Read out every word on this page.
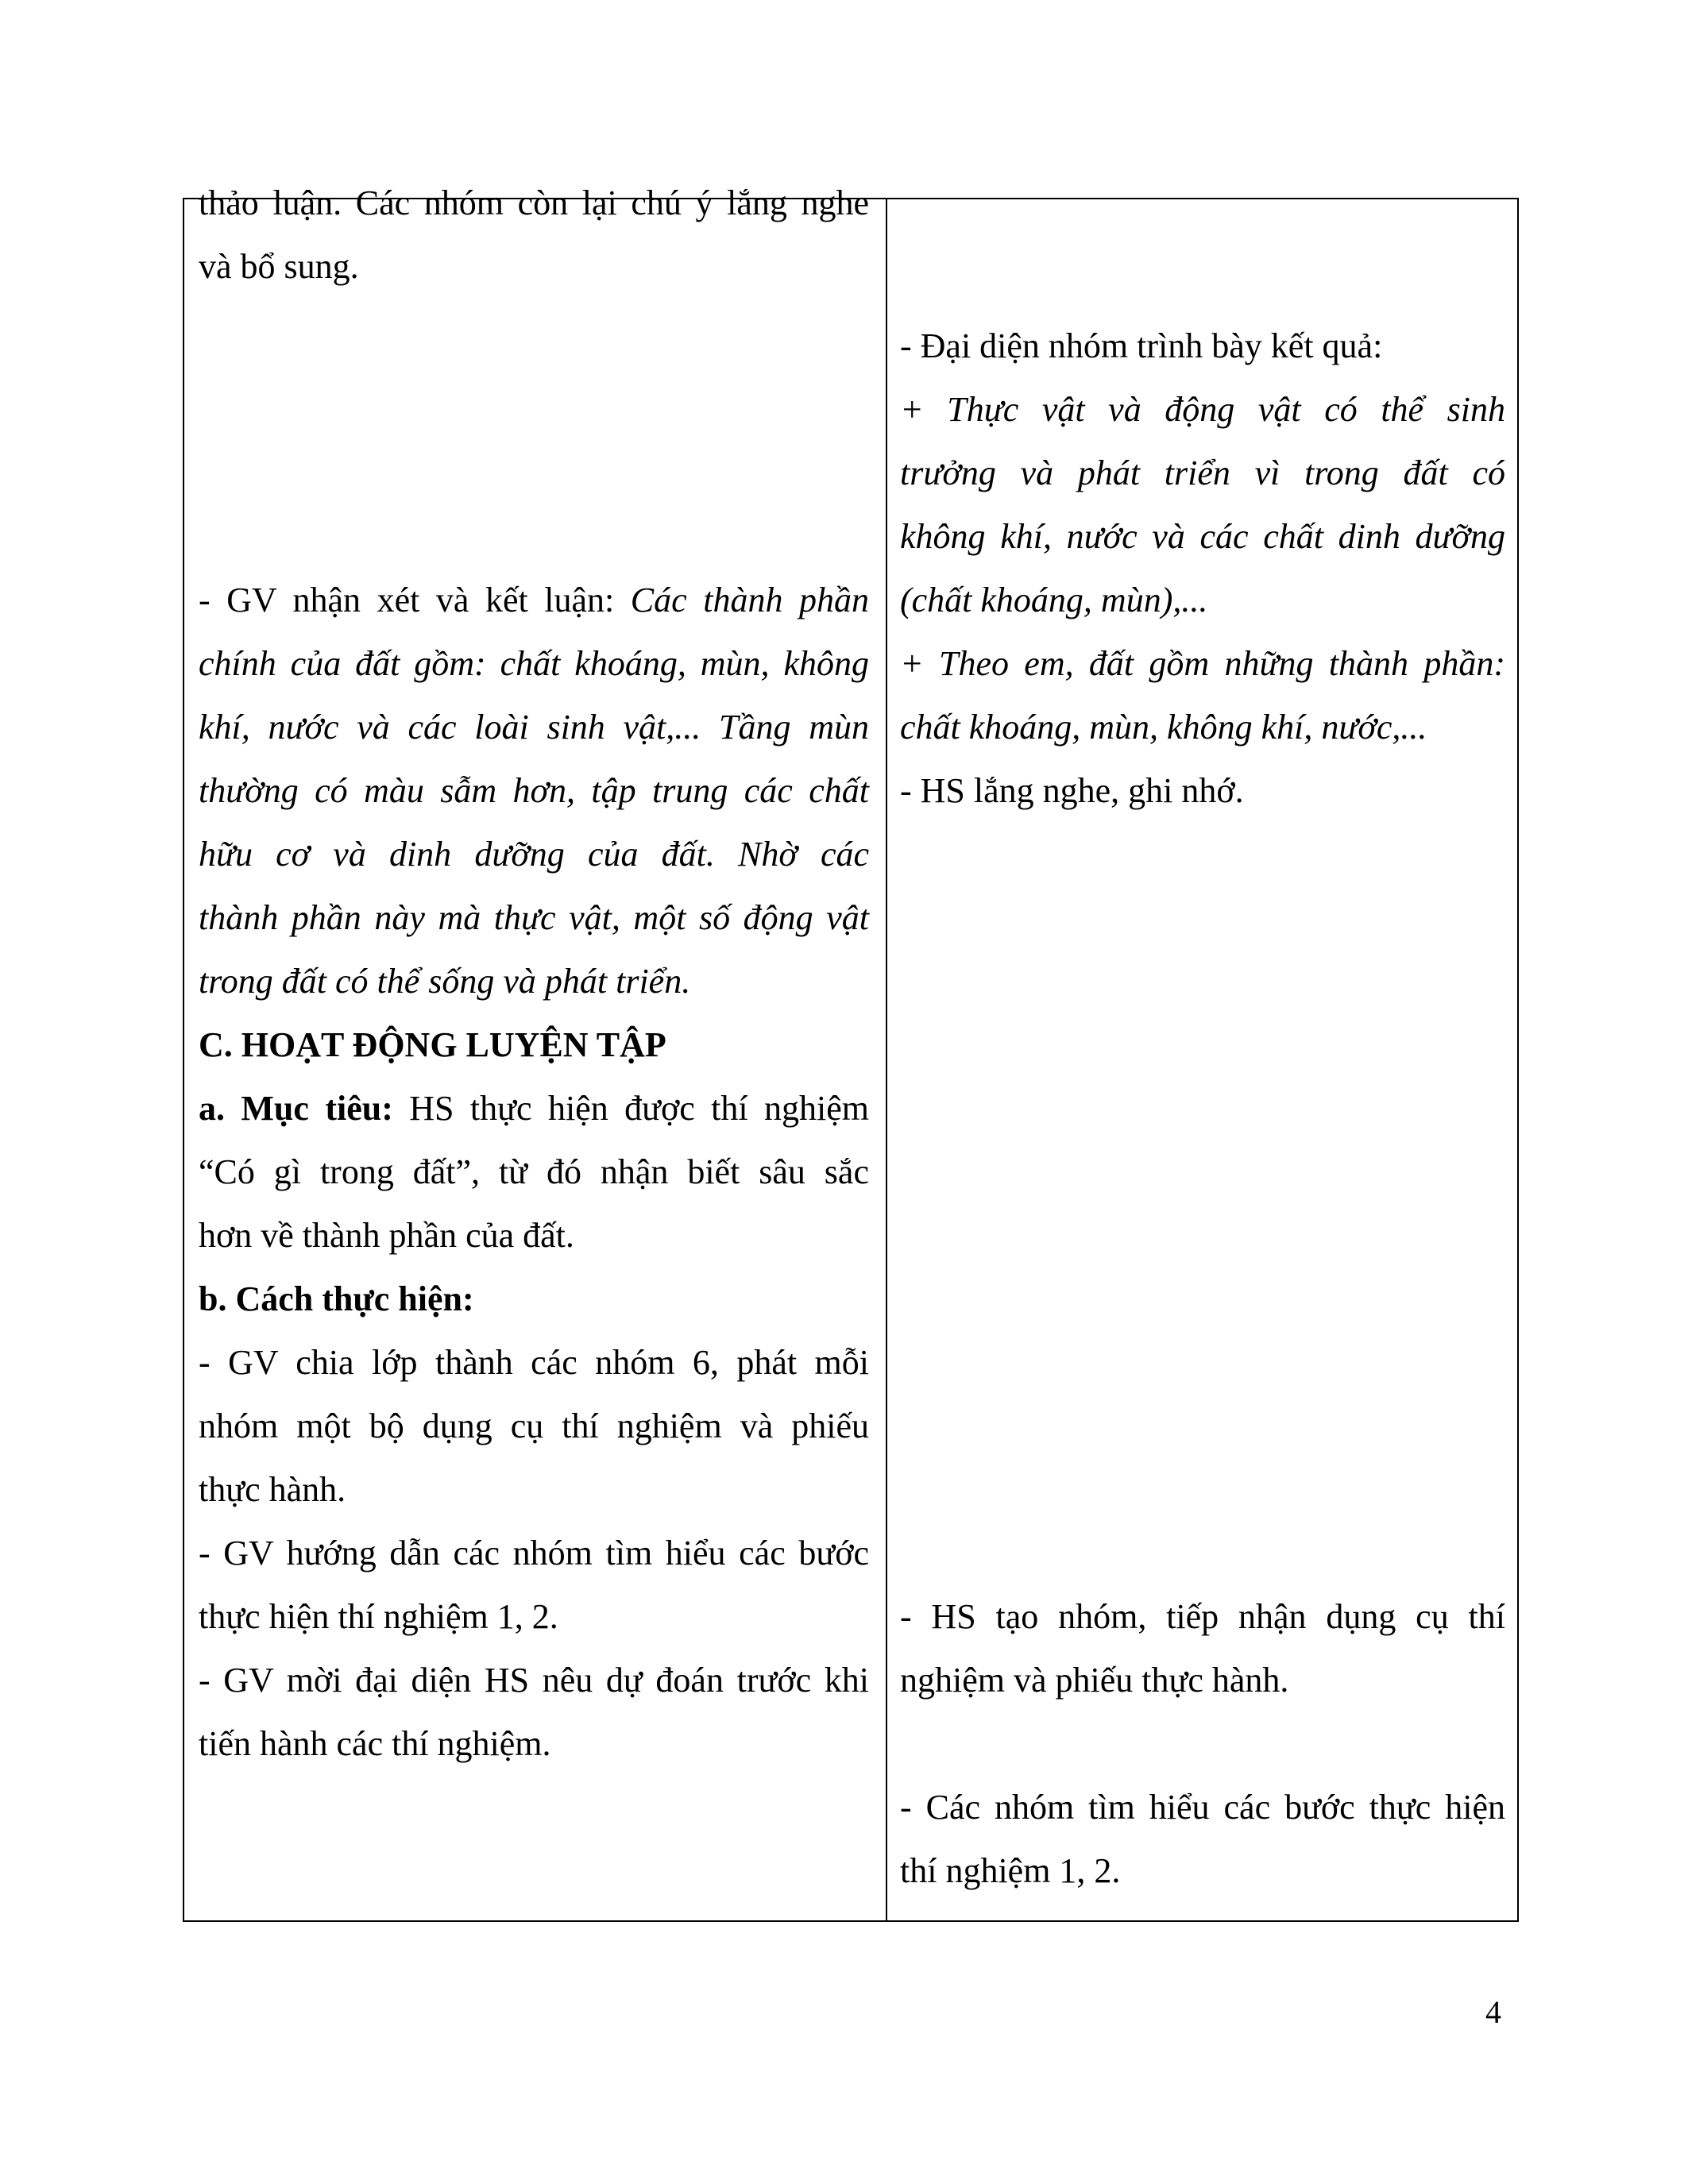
thảo luận. Các nhóm còn lại chú ý lắng nghe

và bổ sung.

- GV nhận xét và kết luận: Các thành phần

chính của đất gồm: chất khoáng, mùn, không

khí, nước và các loài sinh vật,... Tầng mùn

thường có màu sẫm hơn, tập trung các chất

hữu cơ và dinh dưỡng của đất. Nhờ các

thành phần này mà thực vật, một số động vật

trong đất có thể sống và phát triển.

C. HOẠT ĐỘNG LUYỆN TẬP

a. Mục tiêu: HS thực hiện được thí nghiệm

“Có gì trong đất”, từ đó nhận biết sâu sắc

hơn về thành phần của đất.

b. Cách thực hiện:

- GV chia lớp thành các nhóm 6, phát mỗi

nhóm một bộ dụng cụ thí nghiệm và phiếu

thực hành.

- GV hướng dẫn các nhóm tìm hiểu các bước

thực hiện thí nghiệm 1, 2.

- GV mời đại diện HS nêu dự đoán trước khi

tiến hành các thí nghiệm.

- Đại diện nhóm trình bày kết quả:

+ Thực vật và động vật có thể sinh

trưởng và phát triển vì trong đất có

không khí, nước và các chất dinh dưỡng

(chất khoáng, mùn),...

+ Theo em, đất gồm những thành phần:

chất khoáng, mùn, không khí, nước,...

- HS lắng nghe, ghi nhớ.

- HS tạo nhóm, tiếp nhận dụng cụ thí

nghiệm và phiếu thực hành.

- Các nhóm tìm hiểu các bước thực hiện

thí nghiệm 1, 2.

4
